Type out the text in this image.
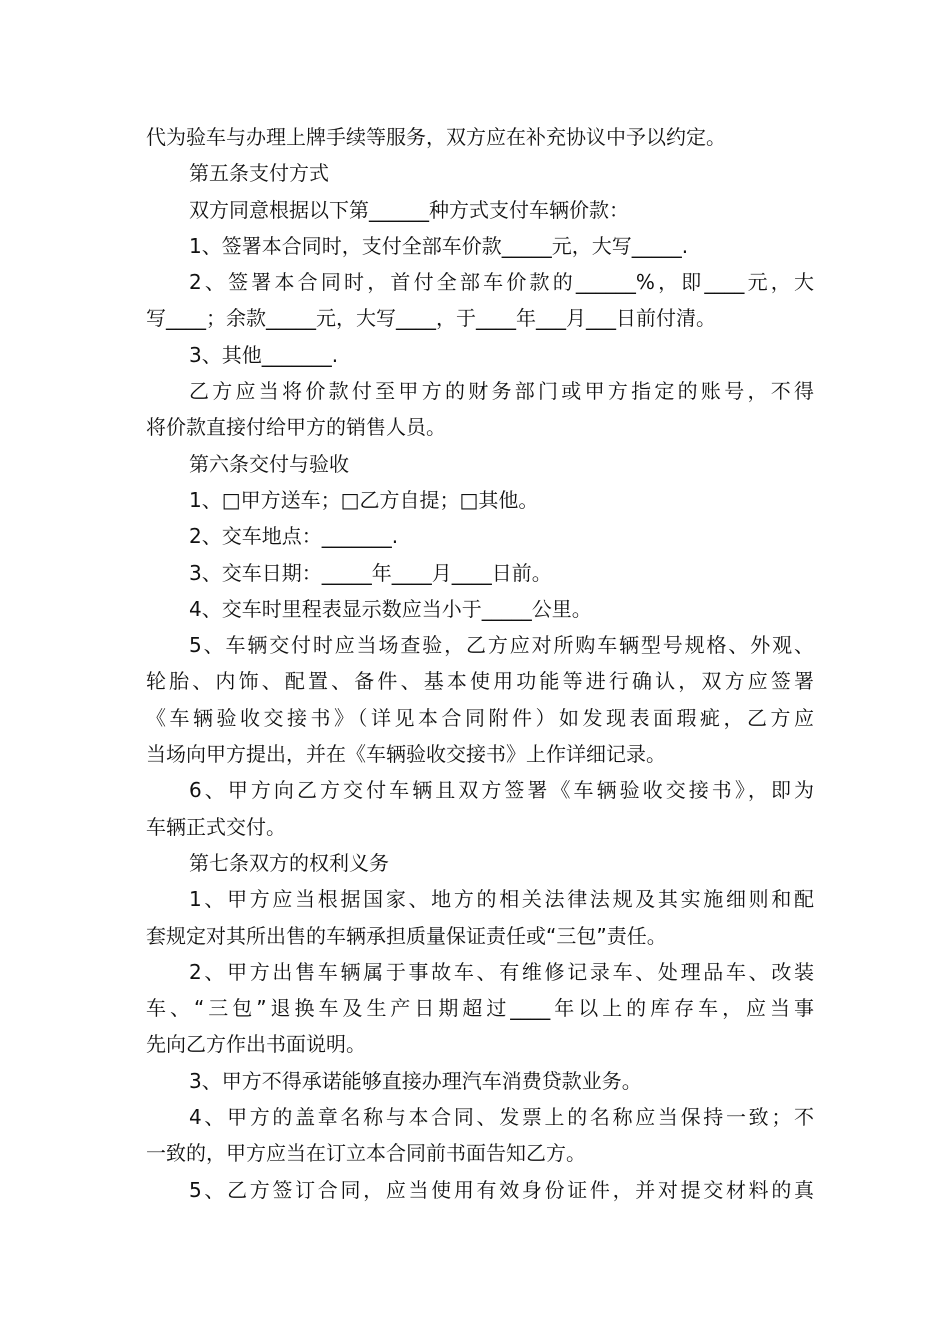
代为验车与办理上牌手续等服务，双方应在补充协议中予以约定。
第五条支付方式
双方同意根据以下第______种方式支付车辆价款：
1、签署本合同时，支付全部车价款_____元，大写_____.
2、签署本合同时，首付全部车价款的______%，即____元，大
写____；余款_____元，大写____，于____年___月___日前付清。
3、其他_______.
乙方应当将价款付至甲方的财务部门或甲方指定的账号，不得
将价款直接付给甲方的销售人员。
第六条交付与验收
1、□甲方送车；□乙方自提；□其他。
2、交车地点：_______.
3、交车日期：_____年____月____日前。
4、交车时里程表显示数应当小于_____公里。
5、车辆交付时应当场查验，乙方应对所购车辆型号规格、外观、
轮胎、内饰、配置、备件、基本使用功能等进行确认，双方应签署
《车辆验收交接书》（详见本合同附件）如发现表面瑕疵，乙方应
当场向甲方提出，并在《车辆验收交接书》上作详细记录。
6、甲方向乙方交付车辆且双方签署《车辆验收交接书》，即为
车辆正式交付。
第七条双方的权利义务
1、甲方应当根据国家、地方的相关法律法规及其实施细则和配
套规定对其所出售的车辆承担质量保证责任或“三包”责任。
2、甲方出售车辆属于事故车、有维修记录车、处理品车、改装
车、“三包”退换车及生产日期超过____年以上的库存车，应当事
先向乙方作出书面说明。
3、甲方不得承诺能够直接办理汽车消费贷款业务。
4、甲方的盖章名称与本合同、发票上的名称应当保持一致；不
一致的，甲方应当在订立本合同前书面告知乙方。
5、乙方签订合同，应当使用有效身份证件，并对提交材料的真
